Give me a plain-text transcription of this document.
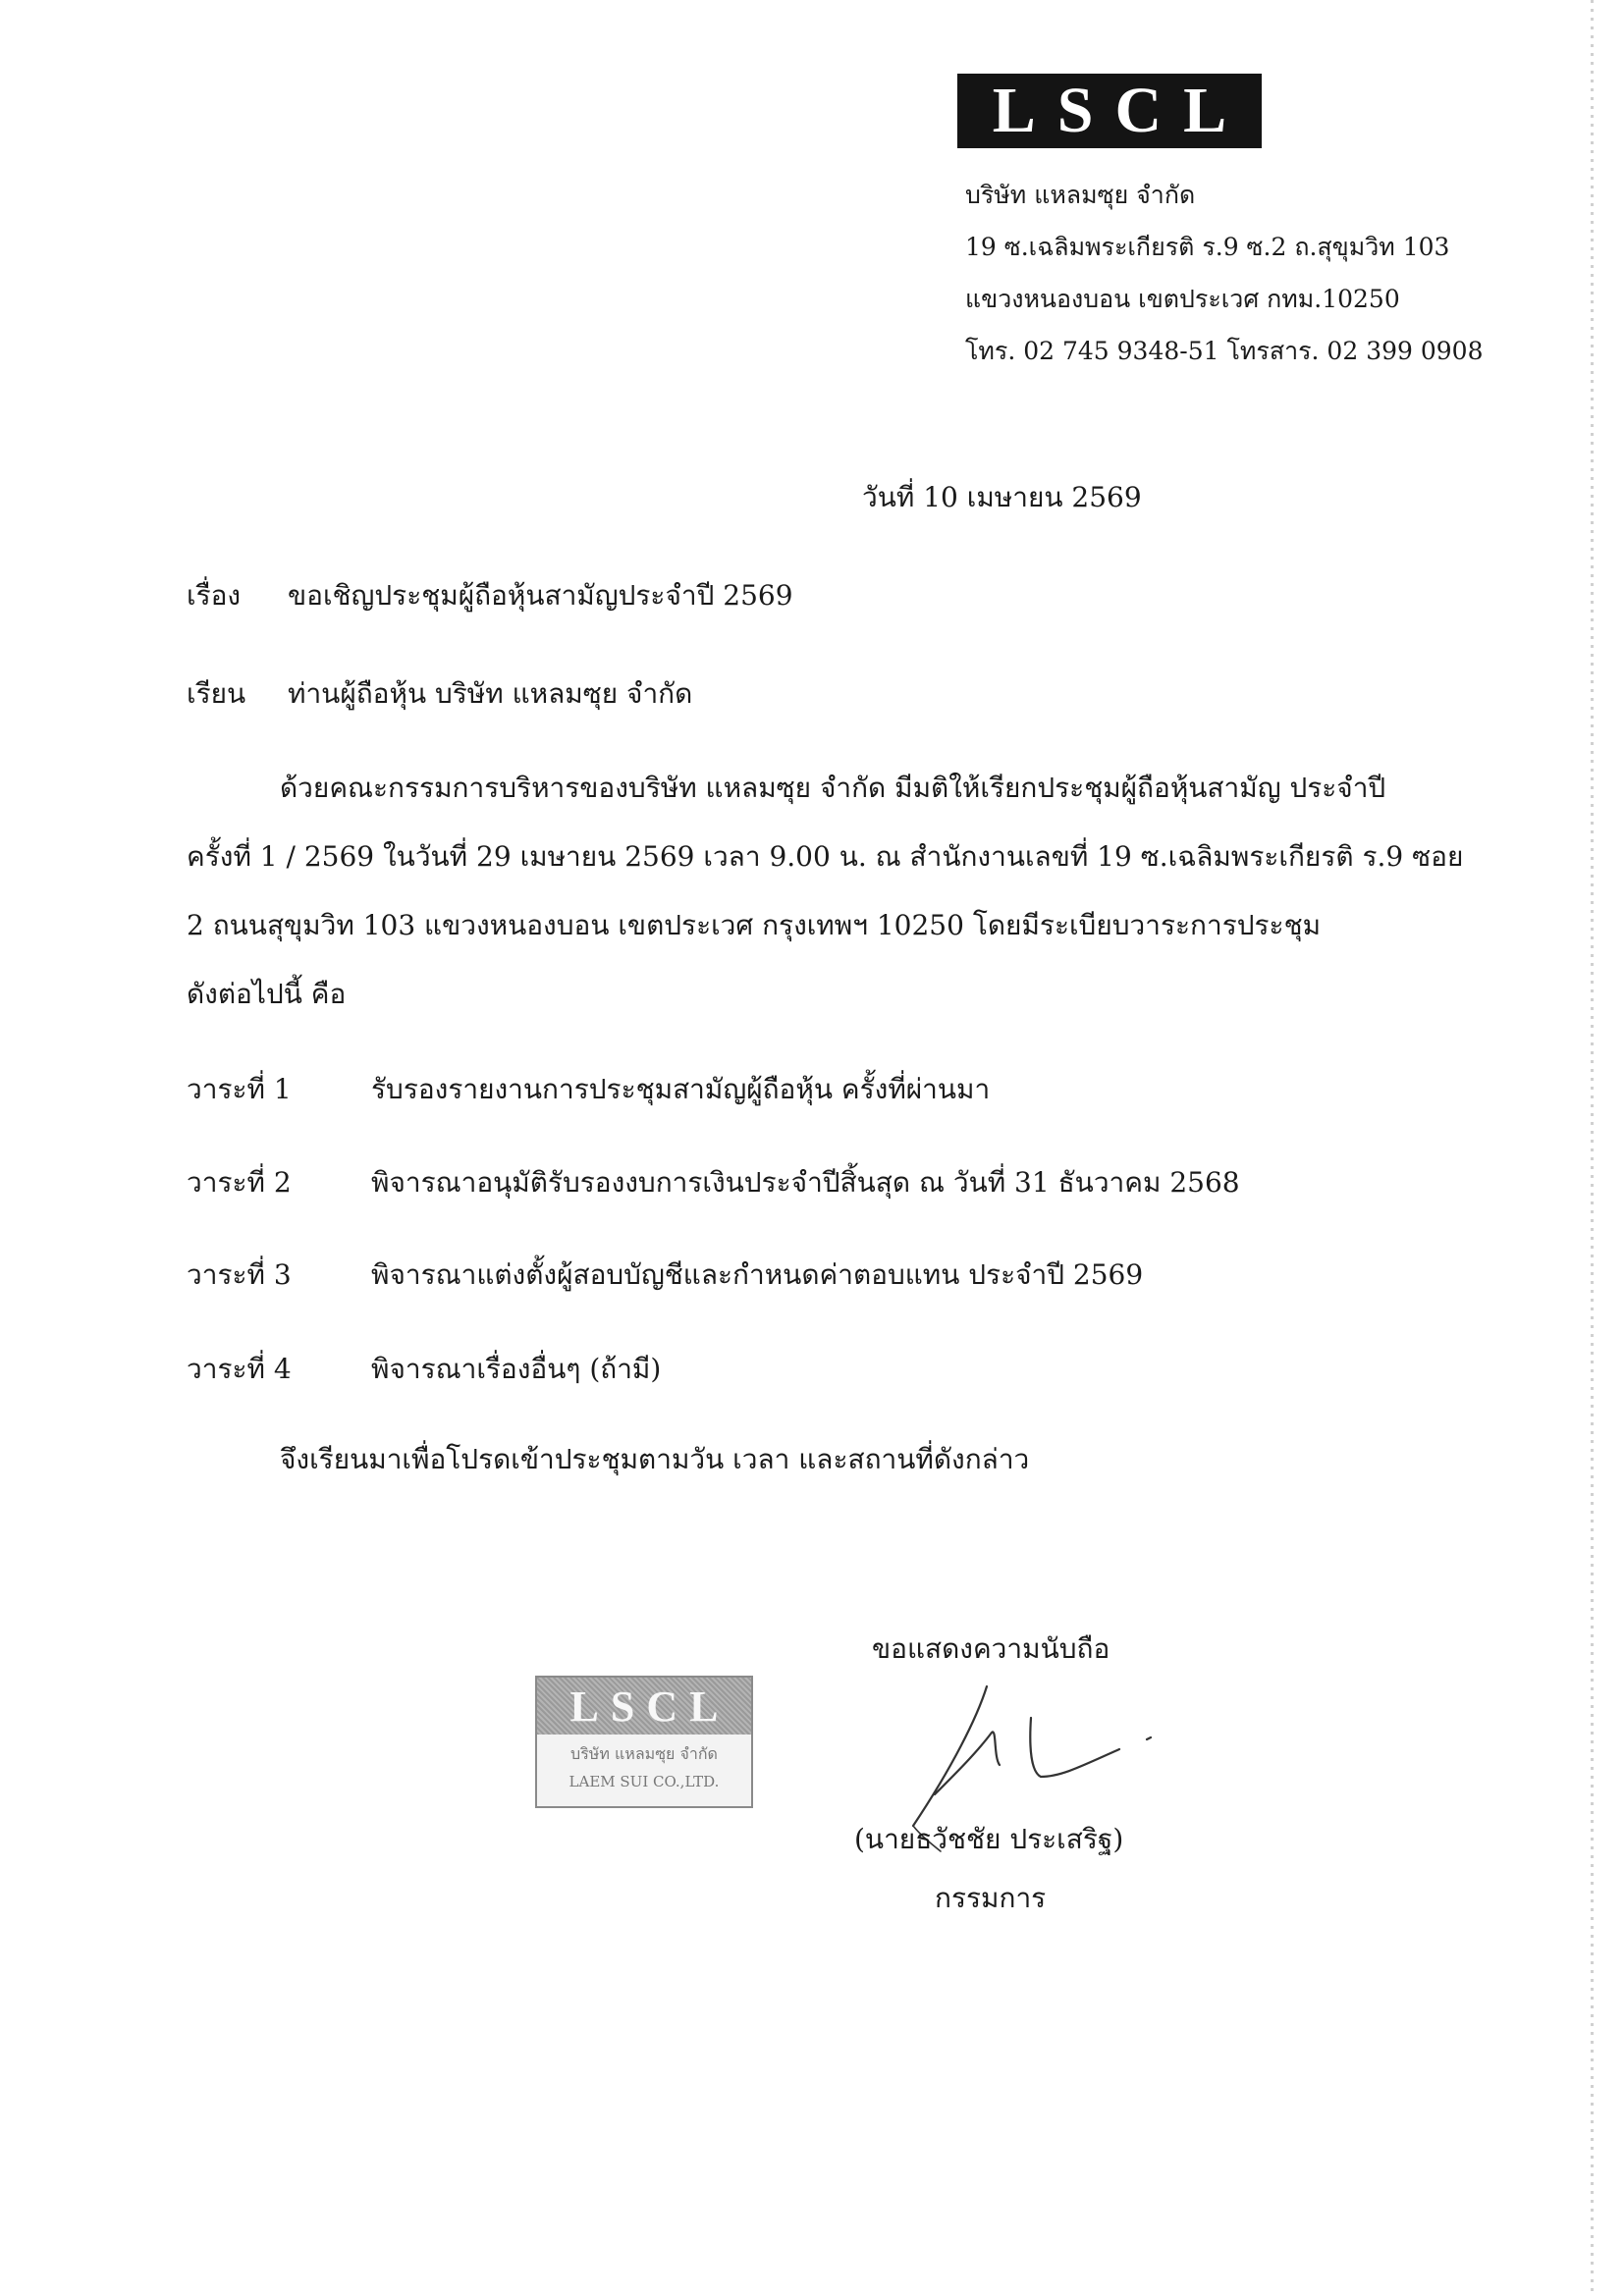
LSCL
บริษัท แหลมซุย จำกัด
19 ซ.เฉลิมพระเกียรติ ร.9 ซ.2 ถ.สุขุมวิท 103
แขวงหนองบอน เขตประเวศ กทม.10250
โทร. 02 745 9348-51 โทรสาร. 02 399 0908
วันที่ 10 เมษายน 2569
เรื่อง ขอเชิญประชุมผู้ถือหุ้นสามัญประจำปี 2569
เรียน ท่านผู้ถือหุ้น บริษัท แหลมซุย จำกัด
ด้วยคณะกรรมการบริหารของบริษัท แหลมซุย จำกัด มีมติให้เรียกประชุมผู้ถือหุ้นสามัญ ประจำปี
ครั้งที่ 1 / 2569 ในวันที่ 29 เมษายน 2569 เวลา 9.00 น. ณ สำนักงานเลขที่ 19 ซ.เฉลิมพระเกียรติ ร.9 ซอย
2 ถนนสุขุมวิท 103 แขวงหนองบอน เขตประเวศ กรุงเทพฯ 10250 โดยมีระเบียบวาระการประชุม
ดังต่อไปนี้ คือ
วาระที่ 1	รับรองรายงานการประชุมสามัญผู้ถือหุ้น ครั้งที่ผ่านมา
วาระที่ 2	พิจารณาอนุมัติรับรองงบการเงินประจำปีสิ้นสุด ณ วันที่ 31 ธันวาคม 2568
วาระที่ 3	พิจารณาแต่งตั้งผู้สอบบัญชีและกำหนดค่าตอบแทน ประจำปี 2569
วาระที่ 4	พิจารณาเรื่องอื่นๆ (ถ้ามี)
จึงเรียนมาเพื่อโปรดเข้าประชุมตามวัน เวลา และสถานที่ดังกล่าว
ขอแสดงความนับถือ
LSCL
บริษัท แหลมซุย จำกัด
LAEM SUI CO.,LTD.
(นายธวัชชัย ประเสริฐ)
กรรมการ
